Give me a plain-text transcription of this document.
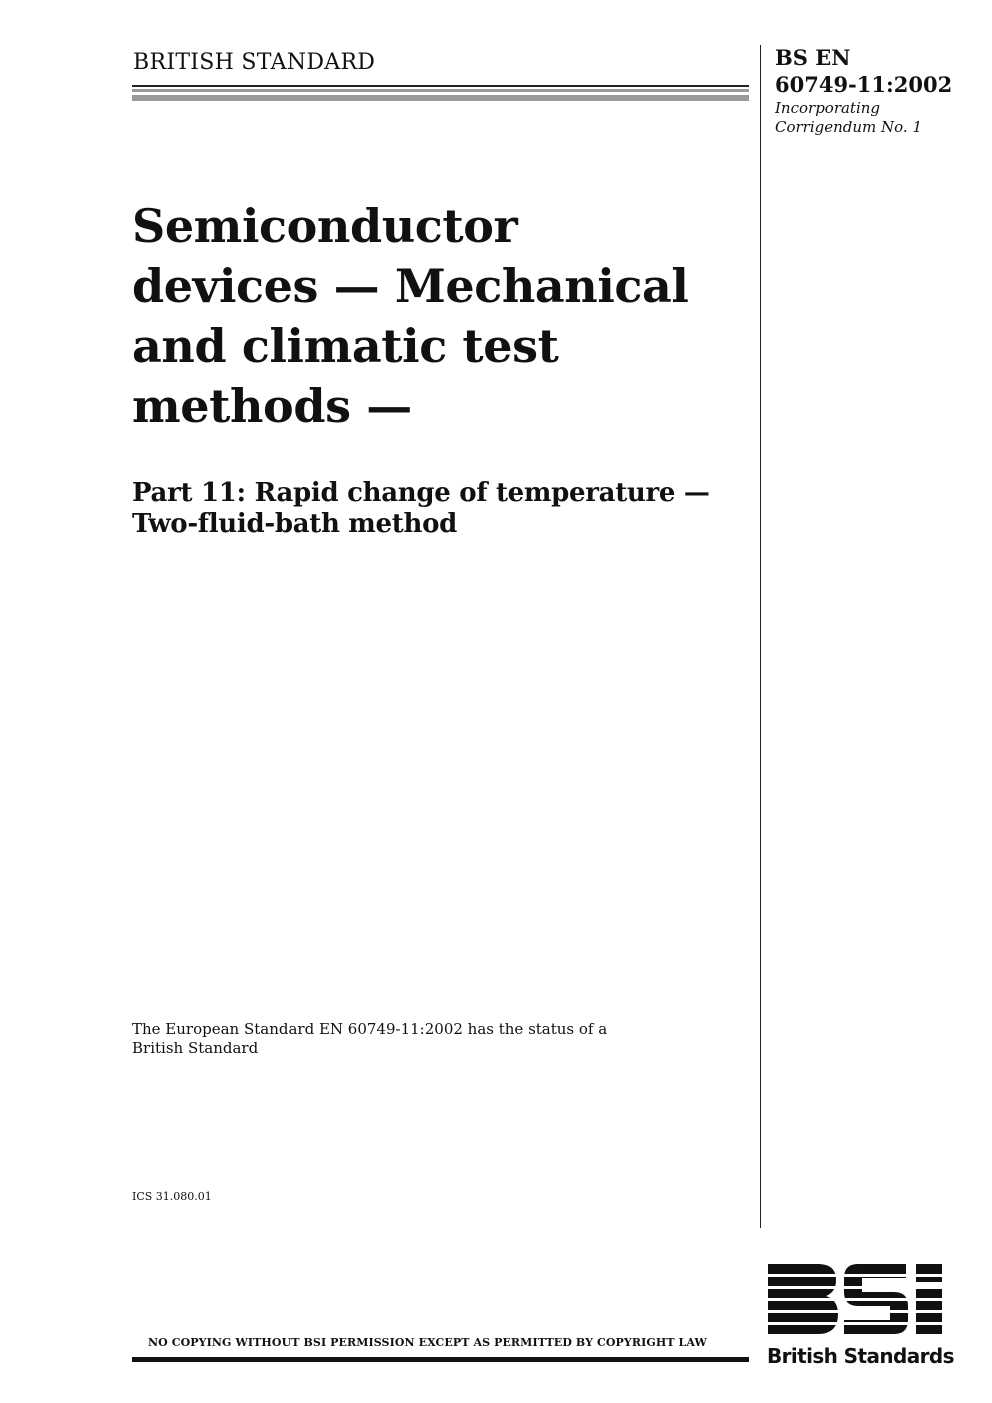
BRITISH STANDARD	BS EN
60749-11:2002
Incorporating
Corrigendum No. 1
Semiconductor
devices — Mechanical
and climatic test
methods —
Part 11: Rapid change of temperature —
Two-fluid-bath method
The European Standard EN 60749-11:2002 has the status of a
British Standard
ICS 31.080.01
NO COPYING WITHOUT BSI PERMISSION EXCEPT AS PERMITTED BY COPYRIGHT LAW
British Standards
